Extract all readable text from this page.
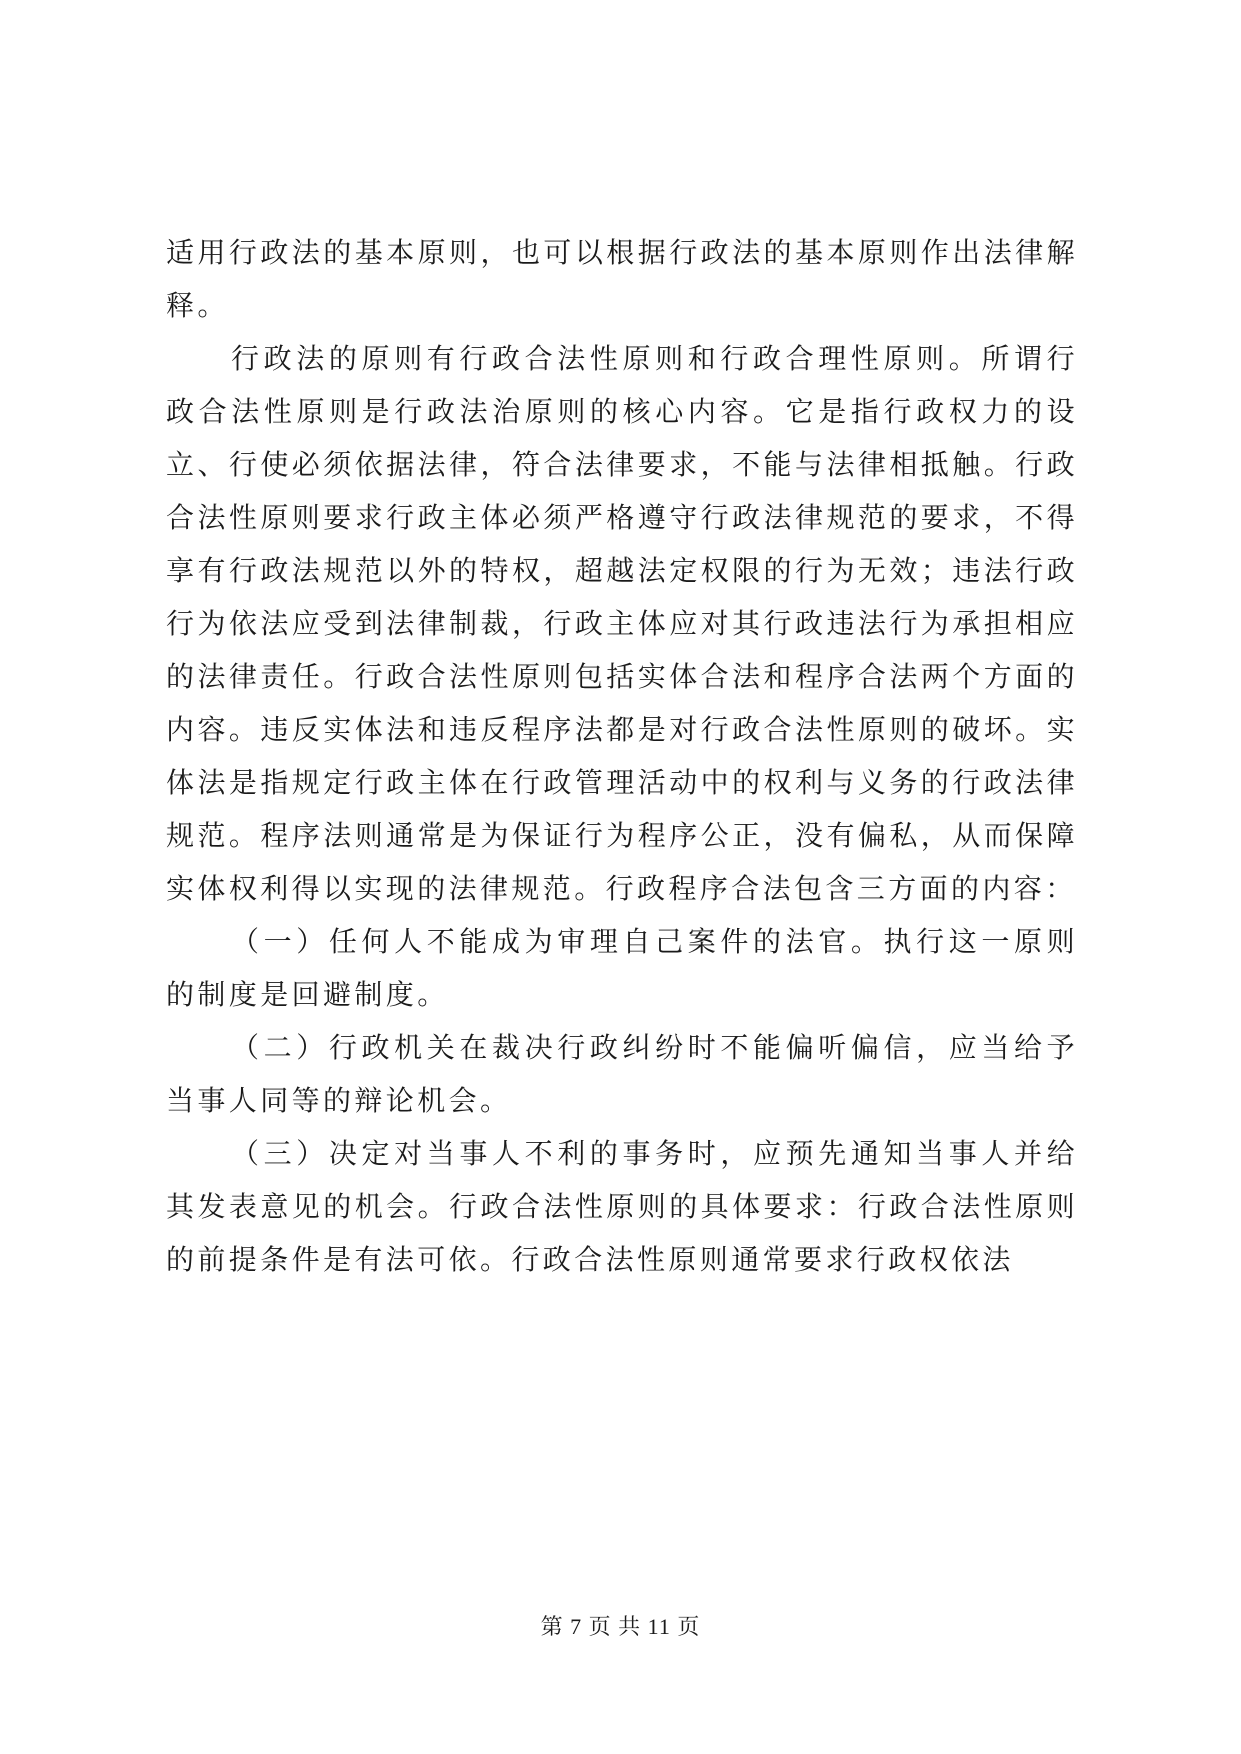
适用行政法的基本原则，也可以根据行政法的基本原则作出法律解释。

行政法的原则有行政合法性原则和行政合理性原则。所谓行政合法性原则是行政法治原则的核心内容。它是指行政权力的设立、行使必须依据法律，符合法律要求，不能与法律相抵触。行政合法性原则要求行政主体必须严格遵守行政法律规范的要求，不得享有行政法规范以外的特权，超越法定权限的行为无效；违法行政行为依法应受到法律制裁，行政主体应对其行政违法行为承担相应的法律责任。行政合法性原则包括实体合法和程序合法两个方面的内容。违反实体法和违反程序法都是对行政合法性原则的破坏。实体法是指规定行政主体在行政管理活动中的权利与义务的行政法律规范。程序法则通常是为保证行为程序公正，没有偏私，从而保障实体权利得以实现的法律规范。行政程序合法包含三方面的内容：

（一）任何人不能成为审理自己案件的法官。执行这一原则的制度是回避制度。

（二）行政机关在裁决行政纠纷时不能偏听偏信，应当给予当事人同等的辩论机会。

（三）决定对当事人不利的事务时，应预先通知当事人并给其发表意见的机会。行政合法性原则的具体要求：行政合法性原则的前提条件是有法可依。行政合法性原则通常要求行政权依法

第 7 页 共 11 页
